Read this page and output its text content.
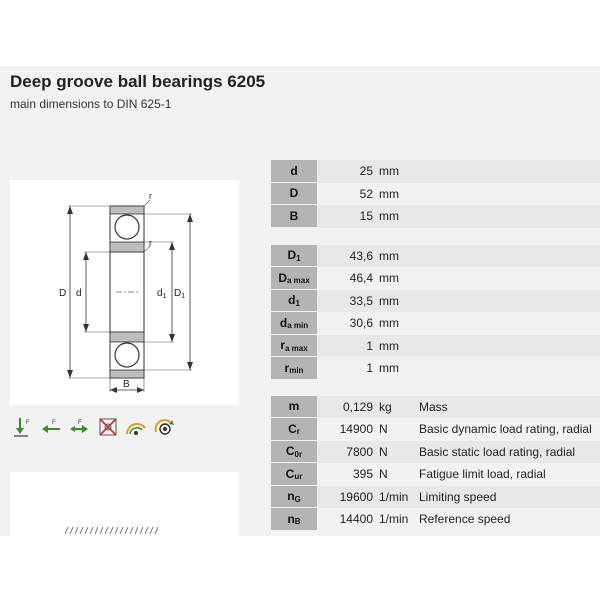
Deep groove ball bearings 6205
main dimensions to DIN 625-1
D d	$d_1$ $D_1$
B
r
r
F	F	F
d	25 mm
D	52 mm
B	15 mm
$D_1$	43,6 mm
$D_{a max}$	46,4 mm
$d_1$	33,5 mm
$d_{a min}$	30,6 mm
$r_{a max}$	1 mm
$r_{min}$	1 mm
m	0,129 kg	Mass
$C_r$	14900 N	Basic dynamic load rating, radial
$C_{0r}$	7800 N	Basic static load rating, radial
$C_{ur}$	395 N	Fatigue limit load, radial
$n_G$	19600 1/min Limiting speed
$n_B$	14400 1/min Reference speed
